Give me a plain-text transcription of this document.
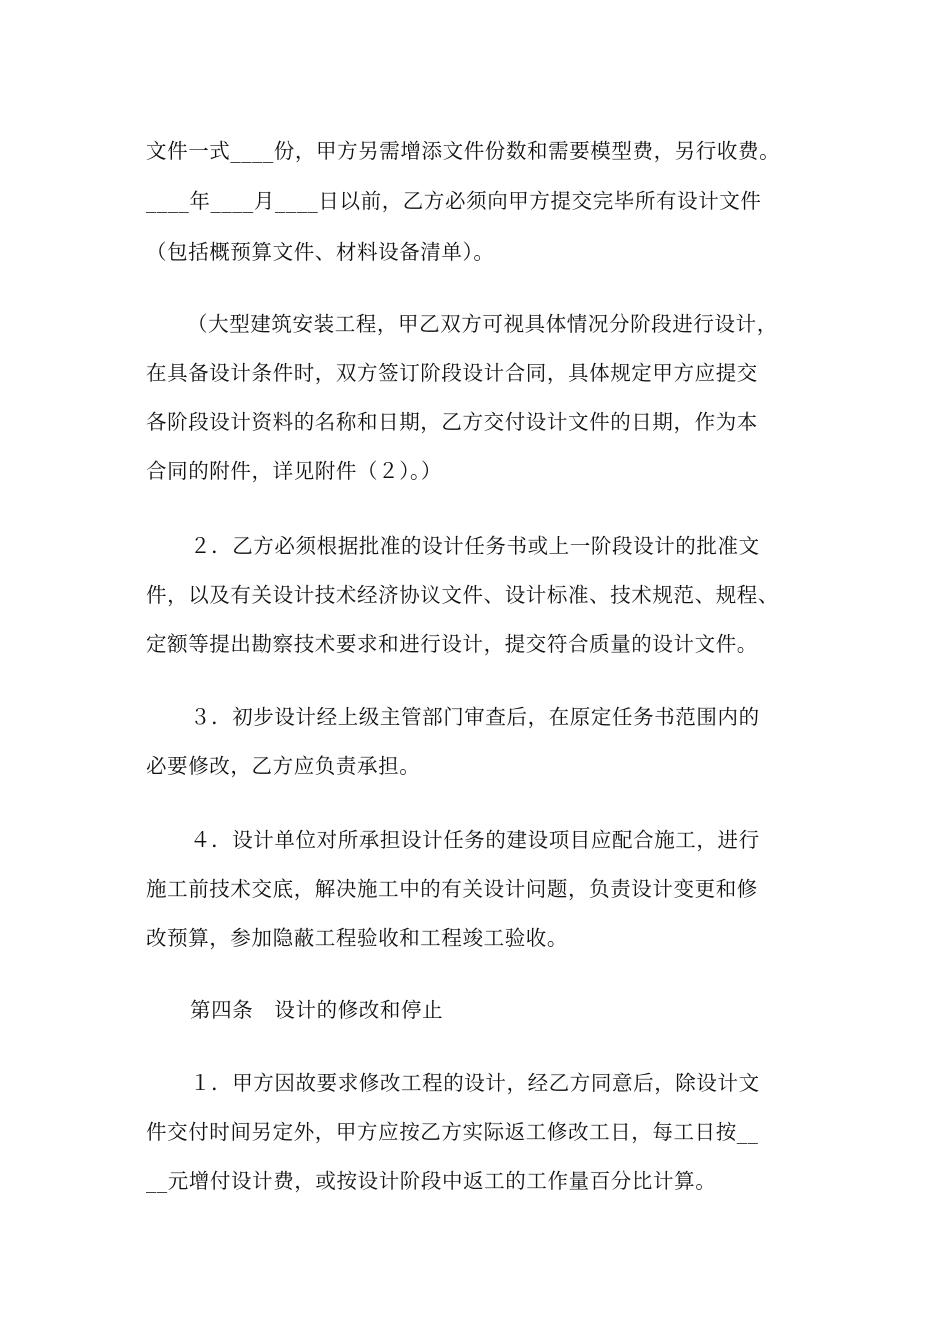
文件一式____份，甲方另需增添文件份数和需要模型费，另行收费。
____年____月____日以前，乙方必须向甲方提交完毕所有设计文件
（包括概预算文件、材料设备清单）。
（大型建筑安装工程，甲乙双方可视具体情况分阶段进行设计，
在具备设计条件时，双方签订阶段设计合同，具体规定甲方应提交
各阶段设计资料的名称和日期，乙方交付设计文件的日期，作为本
合同的附件，详见附件（２）。）
２．乙方必须根据批准的设计任务书或上一阶段设计的批准文
件，以及有关设计技术经济协议文件、设计标准、技术规范、规程、
定额等提出勘察技术要求和进行设计，提交符合质量的设计文件。
３．初步设计经上级主管部门审查后，在原定任务书范围内的
必要修改，乙方应负责承担。
４．设计单位对所承担设计任务的建设项目应配合施工，进行
施工前技术交底，解决施工中的有关设计问题，负责设计变更和修
改预算，参加隐蔽工程验收和工程竣工验收。
第四条　设计的修改和停止
１．甲方因故要求修改工程的设计，经乙方同意后，除设计文
件交付时间另定外，甲方应按乙方实际返工修改工日，每工日按__
__元增付设计费，或按设计阶段中返工的工作量百分比计算。
